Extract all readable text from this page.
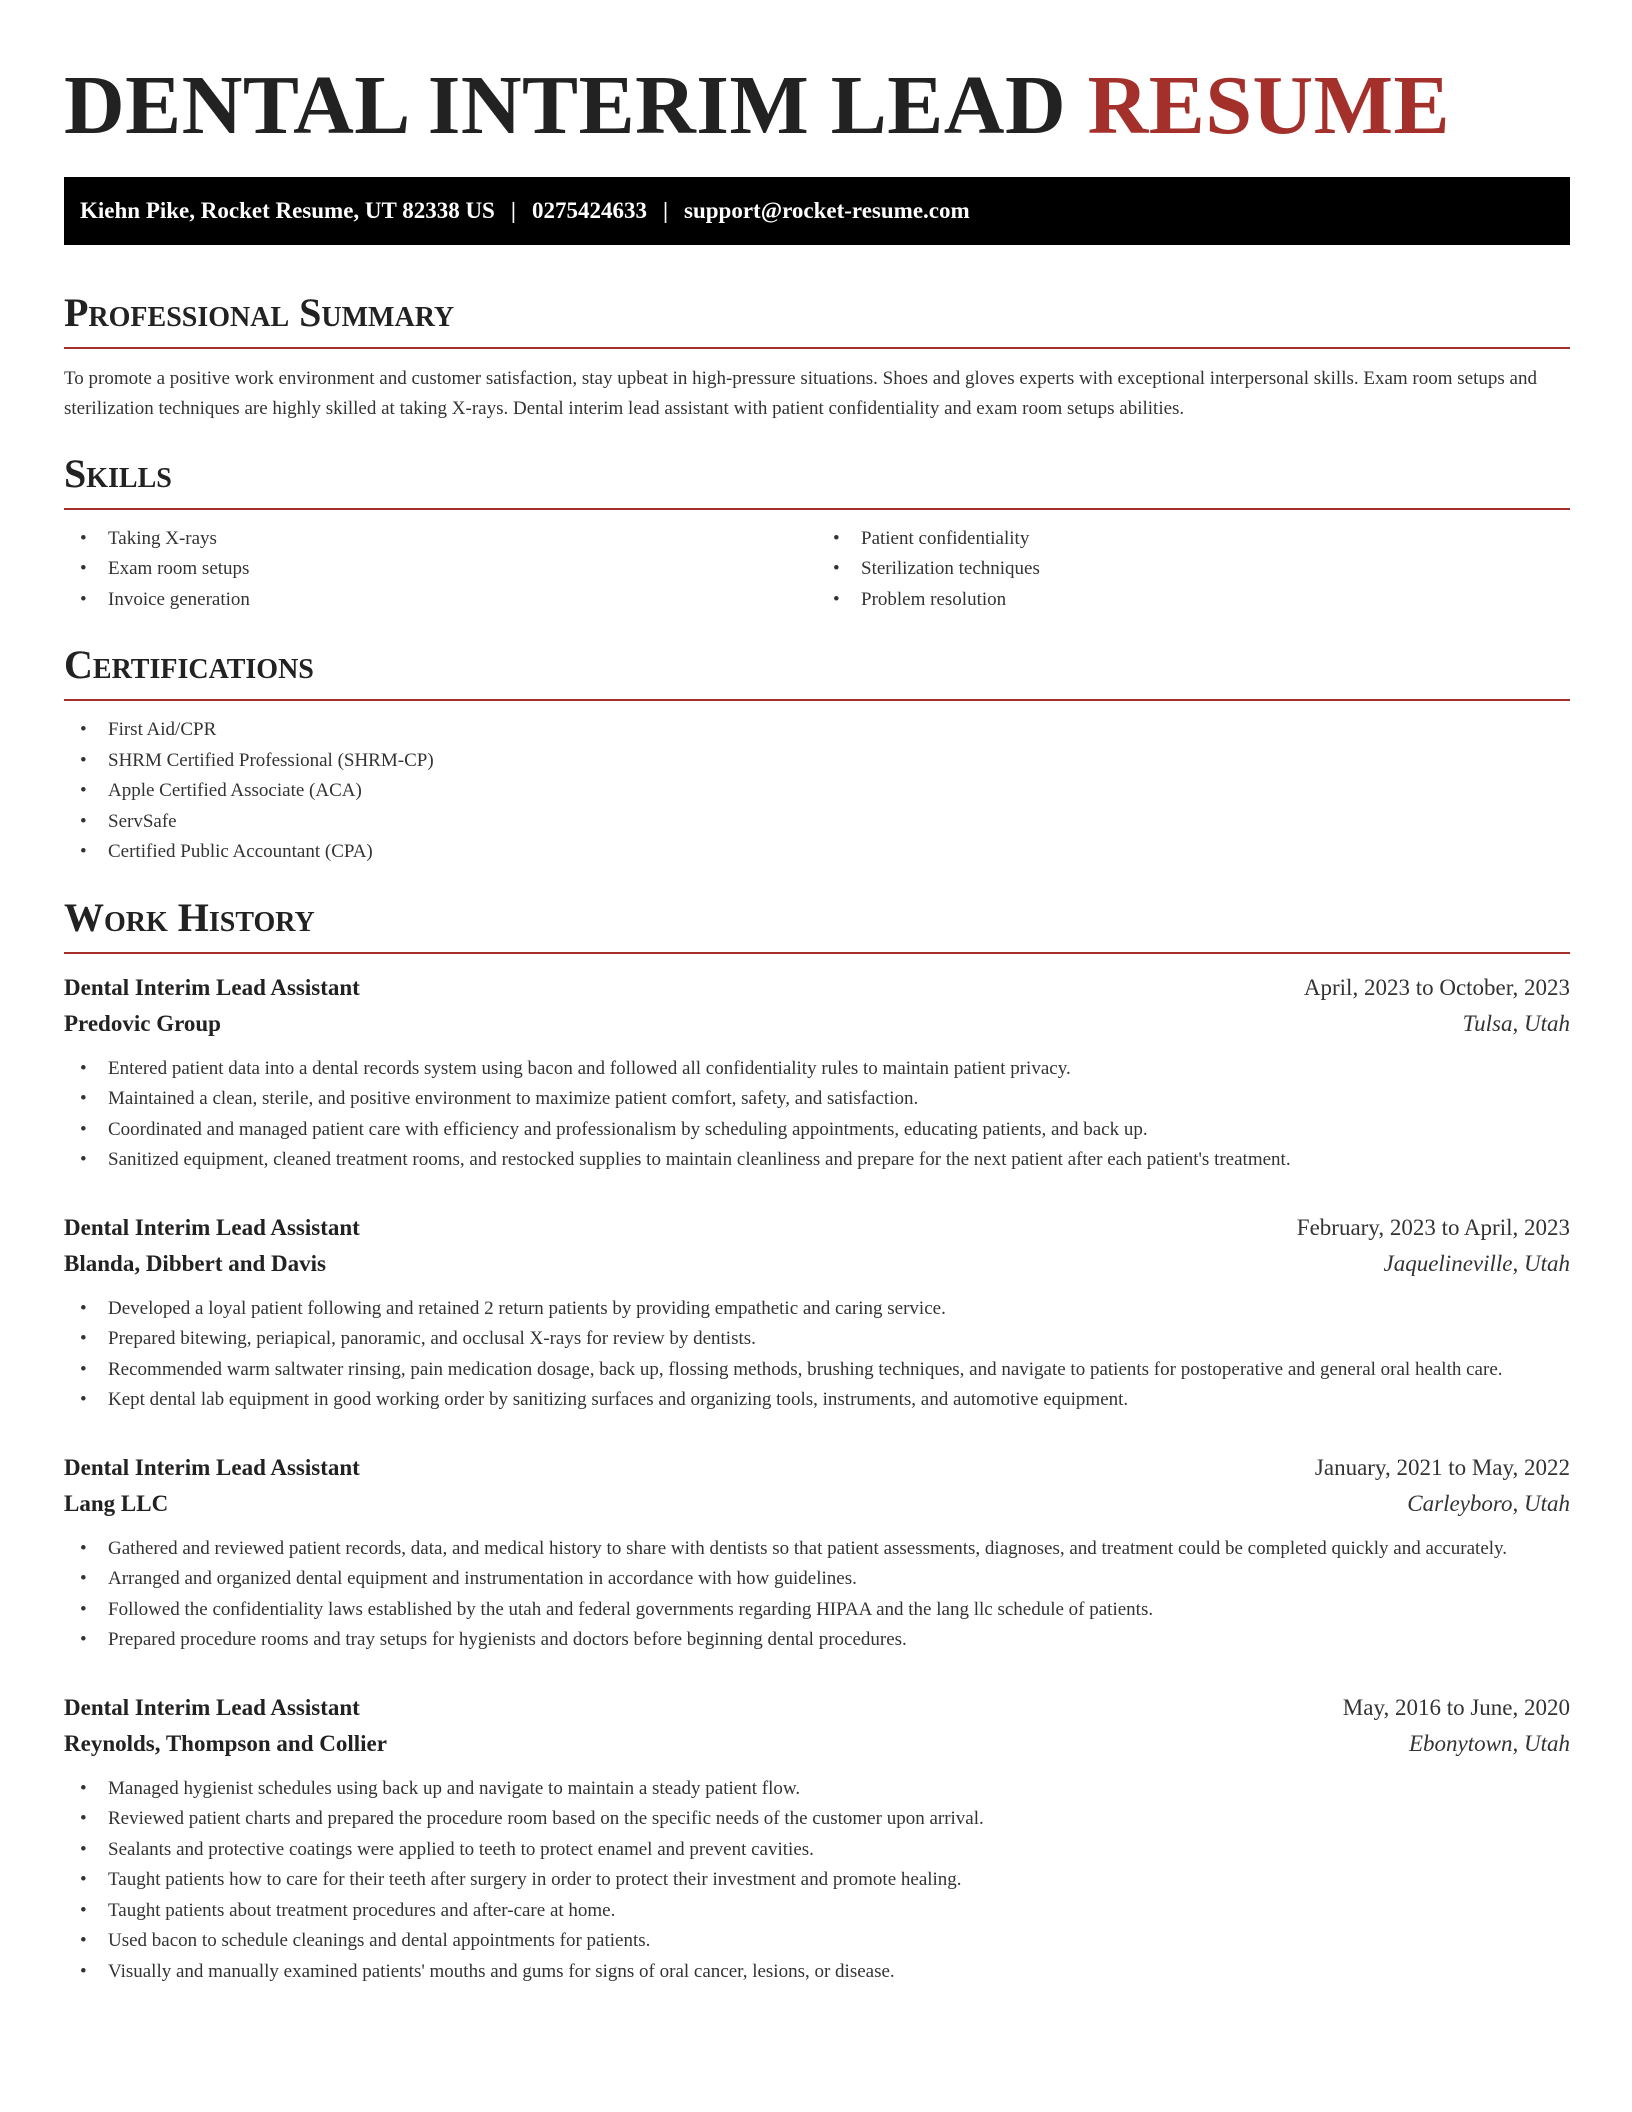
DENTAL INTERIM LEAD RESUME
Kiehn Pike, Rocket Resume, UT 82338 US | 0275424633 | support@rocket-resume.com
Professional Summary

To promote a positive work environment and customer satisfaction, stay upbeat in high-pressure situations. Shoes and gloves experts with exceptional interpersonal skills. Exam room setups and sterilization techniques are highly skilled at taking X-rays. Dental interim lead assistant with patient confidentiality and exam room setups abilities.

Skills
• Taking X-rays
• Exam room setups
• Invoice generation
• Patient confidentiality
• Sterilization techniques
• Problem resolution
Certifications
• First Aid/CPR
• SHRM Certified Professional (SHRM-CP)
• Apple Certified Associate (ACA)
• ServSafe
• Certified Public Accountant (CPA)
Work History
Dental Interim Lead Assistant	April, 2023 to October, 2023
Predovic Group	Tulsa, Utah
• Entered patient data into a dental records system using bacon and followed all confidentiality rules to maintain patient privacy.
• Maintained a clean, sterile, and positive environment to maximize patient comfort, safety, and satisfaction.
• Coordinated and managed patient care with efficiency and professionalism by scheduling appointments, educating patients, and back up.
• Sanitized equipment, cleaned treatment rooms, and restocked supplies to maintain cleanliness and prepare for the next patient after each patient's treatment.
Dental Interim Lead Assistant	February, 2023 to April, 2023
Blanda, Dibbert and Davis	Jaquelineville, Utah
• Developed a loyal patient following and retained 2 return patients by providing empathetic and caring service.
• Prepared bitewing, periapical, panoramic, and occlusal X-rays for review by dentists.
• Recommended warm saltwater rinsing, pain medication dosage, back up, flossing methods, brushing techniques, and navigate to patients for postoperative and general oral health care.
• Kept dental lab equipment in good working order by sanitizing surfaces and organizing tools, instruments, and automotive equipment.
Dental Interim Lead Assistant	January, 2021 to May, 2022
Lang LLC	Carleyboro, Utah
• Gathered and reviewed patient records, data, and medical history to share with dentists so that patient assessments, diagnoses, and treatment could be completed quickly and accurately.
• Arranged and organized dental equipment and instrumentation in accordance with how guidelines.
• Followed the confidentiality laws established by the utah and federal governments regarding HIPAA and the lang llc schedule of patients.
• Prepared procedure rooms and tray setups for hygienists and doctors before beginning dental procedures.
Dental Interim Lead Assistant	May, 2016 to June, 2020
Reynolds, Thompson and Collier	Ebonytown, Utah
• Managed hygienist schedules using back up and navigate to maintain a steady patient flow.
• Reviewed patient charts and prepared the procedure room based on the specific needs of the customer upon arrival.
• Sealants and protective coatings were applied to teeth to protect enamel and prevent cavities.
• Taught patients how to care for their teeth after surgery in order to protect their investment and promote healing.
• Taught patients about treatment procedures and after-care at home.
• Used bacon to schedule cleanings and dental appointments for patients.
• Visually and manually examined patients' mouths and gums for signs of oral cancer, lesions, or disease.
